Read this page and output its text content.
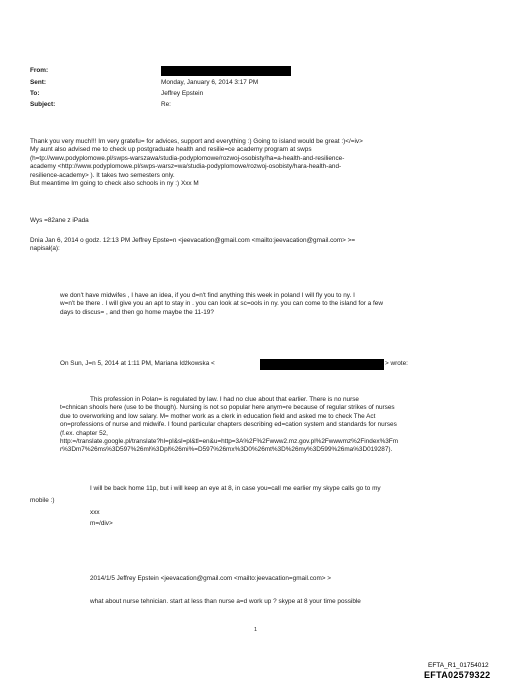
From:
Sent:	Monday, January 6, 2014 3:17 PM
To:	Jeffrey Epstein
Subject:	Re:
Thank you very much!!! Im very gratefu= for advices, support and everything :) Going to island would be great :)</=iv>
My aunt also advised me to check up postgraduate health and resilie=ce academy program at swps
(h=tp://www.podyplomowe.pl/swps-warszawa/studia-podyplomowe/rozwoj-osobisty/ha=a-health-and-resilience-
academy <http://www.podyplomowe.pl/swps-warsz=wa/studia-podyplomowe/rozwoj-osobisty/hara-health-and-
resilience-academy> ). It takes two semesters only.
But meantime Im going to check also schools in ny :) Xxx M
Wys =82ane z iPada
Dnia Jan 6, 2014 o godz. 12:13 PM Jeffrey Epste=n <jeevacation@gmail.com <mailto:jeevacation@gmail.com> >=
napisał(a):
we don't have midwifes , I have an idea, if you d=n't find anything this week in poland I will fly you to ny. I
w=n't be there . I will give you an apt to stay in . you can look at sc=ools in ny. you can come to the island for a few
days to discus= , and then go home maybe the 11-19?
On Sun, J=n 5, 2014 at 1:11 PM, Mariana Idżkowska <	> wrote:
This profession in Polan= is regulated by law. I had no clue about that earlier. There is no nurse
t=chnican shools here (use to be though). Nursing is not so popular here anym=re because of regular strikes of nurses
due to overworking and low salary. M= mother work as a clerk in education field and asked me to check The Act
on=professions of nurse and midwife. I found particular chapters describing ed=cation system and standards for nurses
(f.ex. chapter 52,
http:=/translate.google.pl/translate?hl=pl&sl=pl&tl=en&u=http=3A%2F%2Fwww2.mz.gov.pl%2Fwwwmz%2Findex%3Fm
r%3Dm7%26ms%3D597%26ml%3Dpl%26mi%=D597%26mx%3D0%26mt%3D%26my%3D599%26ma%3D019287).
I will be back home 11p, but i will keep an eye at 8, in case you=call me earlier my skype calls go to my
mobile :)
xxx
m=/div>
2014/1/5 Jeffrey Epstein <jeevacation@gmail.com <mailto:jeevacation=gmail.com> >
what about nurse tehnician. start at less than nurse a=d work up ? skype at 8 your time possible
1
EFTA_R1_01754012
EFTA02579322
